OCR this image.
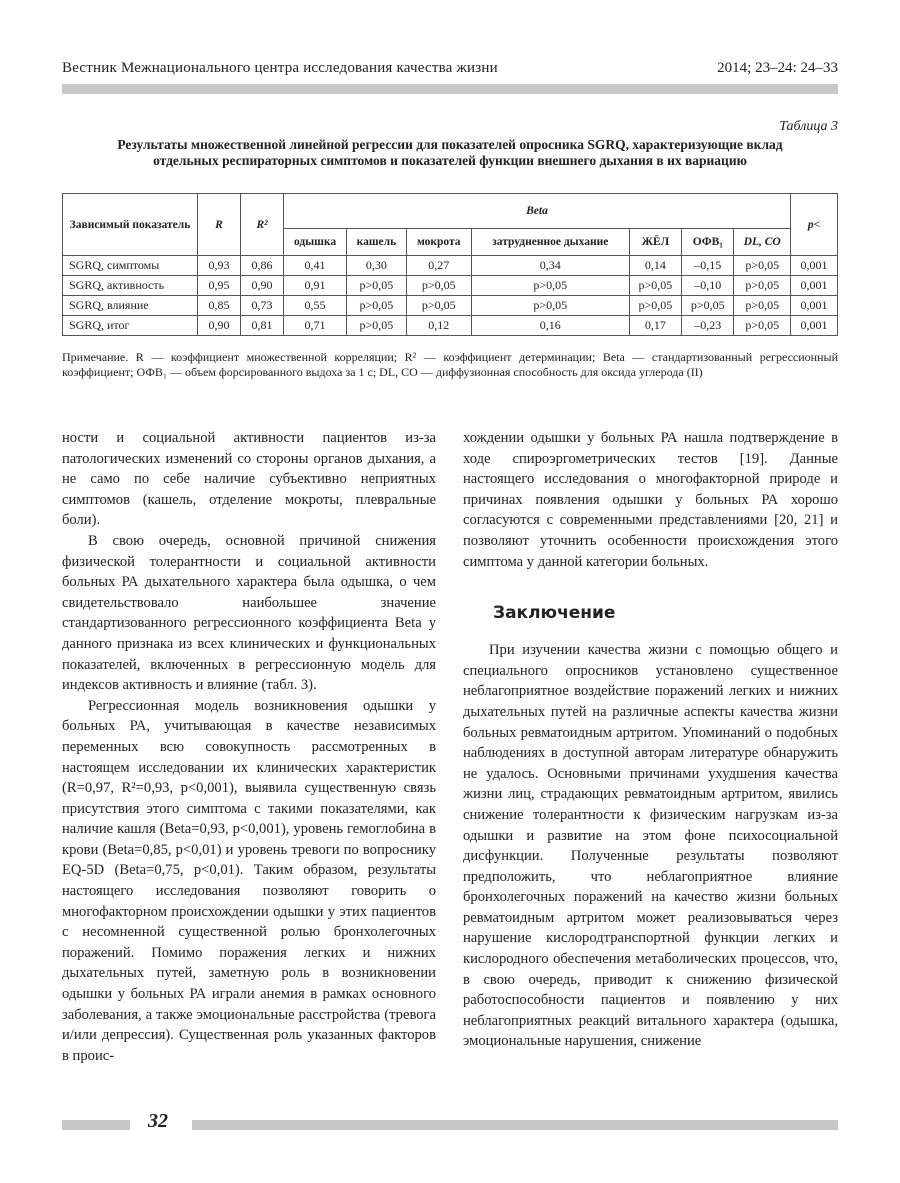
Вестник Межнационального центра исследования качества жизни	2014; 23–24: 24–33
Таблица 3
Результаты множественной линейной регрессии для показателей опросника SGRQ, характеризующие вклад отдельных респираторных симптомов и показателей функции внешнего дыхания в их вариацию
Зависимый показатель	R	R²	Beta							p<
			одышка	кашель	мокрота	затрудненное дыхание	ЖЁЛ	ОФВ₁	DL, CO	
SGRQ, симптомы	0,93	0,86	0,41	0,30	0,27	0,34	0,14	–0,15	p>0,05	0,001
SGRQ, активность	0,95	0,90	0,91	p>0,05	p>0,05	p>0,05	p>0,05	–0,10	p>0,05	0,001
SGRQ, влияние	0,85	0,73	0,55	p>0,05	p>0,05	p>0,05	p>0,05	p>0,05	p>0,05	0,001
SGRQ, итог	0,90	0,81	0,71	p>0,05	0,12	0,16	0,17	–0,23	p>0,05	0,001
Примечание. R — коэффициент множественной корреляции; R² — коэффициент детерминации; Beta — стандартизованный регрессионный коэффициент; ОФВ₁ — объем форсированного выдоха за 1 с; DL, CO — диффузионная способность для оксида углерода (II)

ности и социальной активности пациентов из-за патологических изменений со стороны органов дыхания, а не само по себе наличие субъективно неприятных симптомов (кашель, отделение мокроты, плевральные боли).

В свою очередь, основной причиной снижения физической толерантности и социальной активности больных РА дыхательного характера была одышка, о чем свидетельствовало наибольшее значение стандартизованного регрессионного коэффициента Beta у данного признака из всех клинических и функциональных показателей, включенных в регрессионную модель для индексов активность и влияние (табл. 3).

Регрессионная модель возникновения одышки у больных РА, учитывающая в качестве независимых переменных всю совокупность рассмотренных в настоящем исследовании их клинических характеристик (R=0,97, R²=0,93, p<0,001), выявила существенную связь присутствия этого симптома с такими показателями, как наличие кашля (Beta=0,93, p<0,001), уровень гемоглобина в крови (Beta=0,85, p<0,01) и уровень тревоги по вопроснику EQ-5D (Beta=0,75, p<0,01). Таким образом, результаты настоящего исследования позволяют говорить о многофакторном происхождении одышки у этих пациентов с несомненной существенной ролью бронхолегочных поражений. Помимо поражения легких и нижних дыхательных путей, заметную роль в возникновении одышки у больных РА играли анемия в рамках основного заболевания, а также эмоциональные расстройства (тревога и/или депрессия). Существенная роль указанных факторов в проис-

хождении одышки у больных РА нашла подтверждение в ходе спироэргометрических тестов [19]. Данные настоящего исследования о многофакторной природе и причинах появления одышки у больных РА хорошо согласуются с современными представлениями [20, 21] и позволяют уточнить особенности происхождения этого симптома у данной категории больных.

Заключение

При изучении качества жизни с помощью общего и специального опросников установлено существенное неблагоприятное воздействие поражений легких и нижних дыхательных путей на различные аспекты качества жизни больных ревматоидным артритом. Упоминаний о подобных наблюдениях в доступной авторам литературе обнаружить не удалось. Основными причинами ухудшения качества жизни лиц, страдающих ревматоидным артритом, явились снижение толерантности к физическим нагрузкам из-за одышки и развитие на этом фоне психосоциальной дисфункции. Полученные результаты позволяют предположить, что неблагоприятное влияние бронхолегочных поражений на качество жизни больных ревматоидным артритом может реализовываться через нарушение кислородтранспортной функции легких и кислородного обеспечения метаболических процессов, что, в свою очередь, приводит к снижению физической работоспособности пациентов и появлению у них неблагоприятных реакций витального характера (одышка, эмоциональные нарушения, снижение

32
